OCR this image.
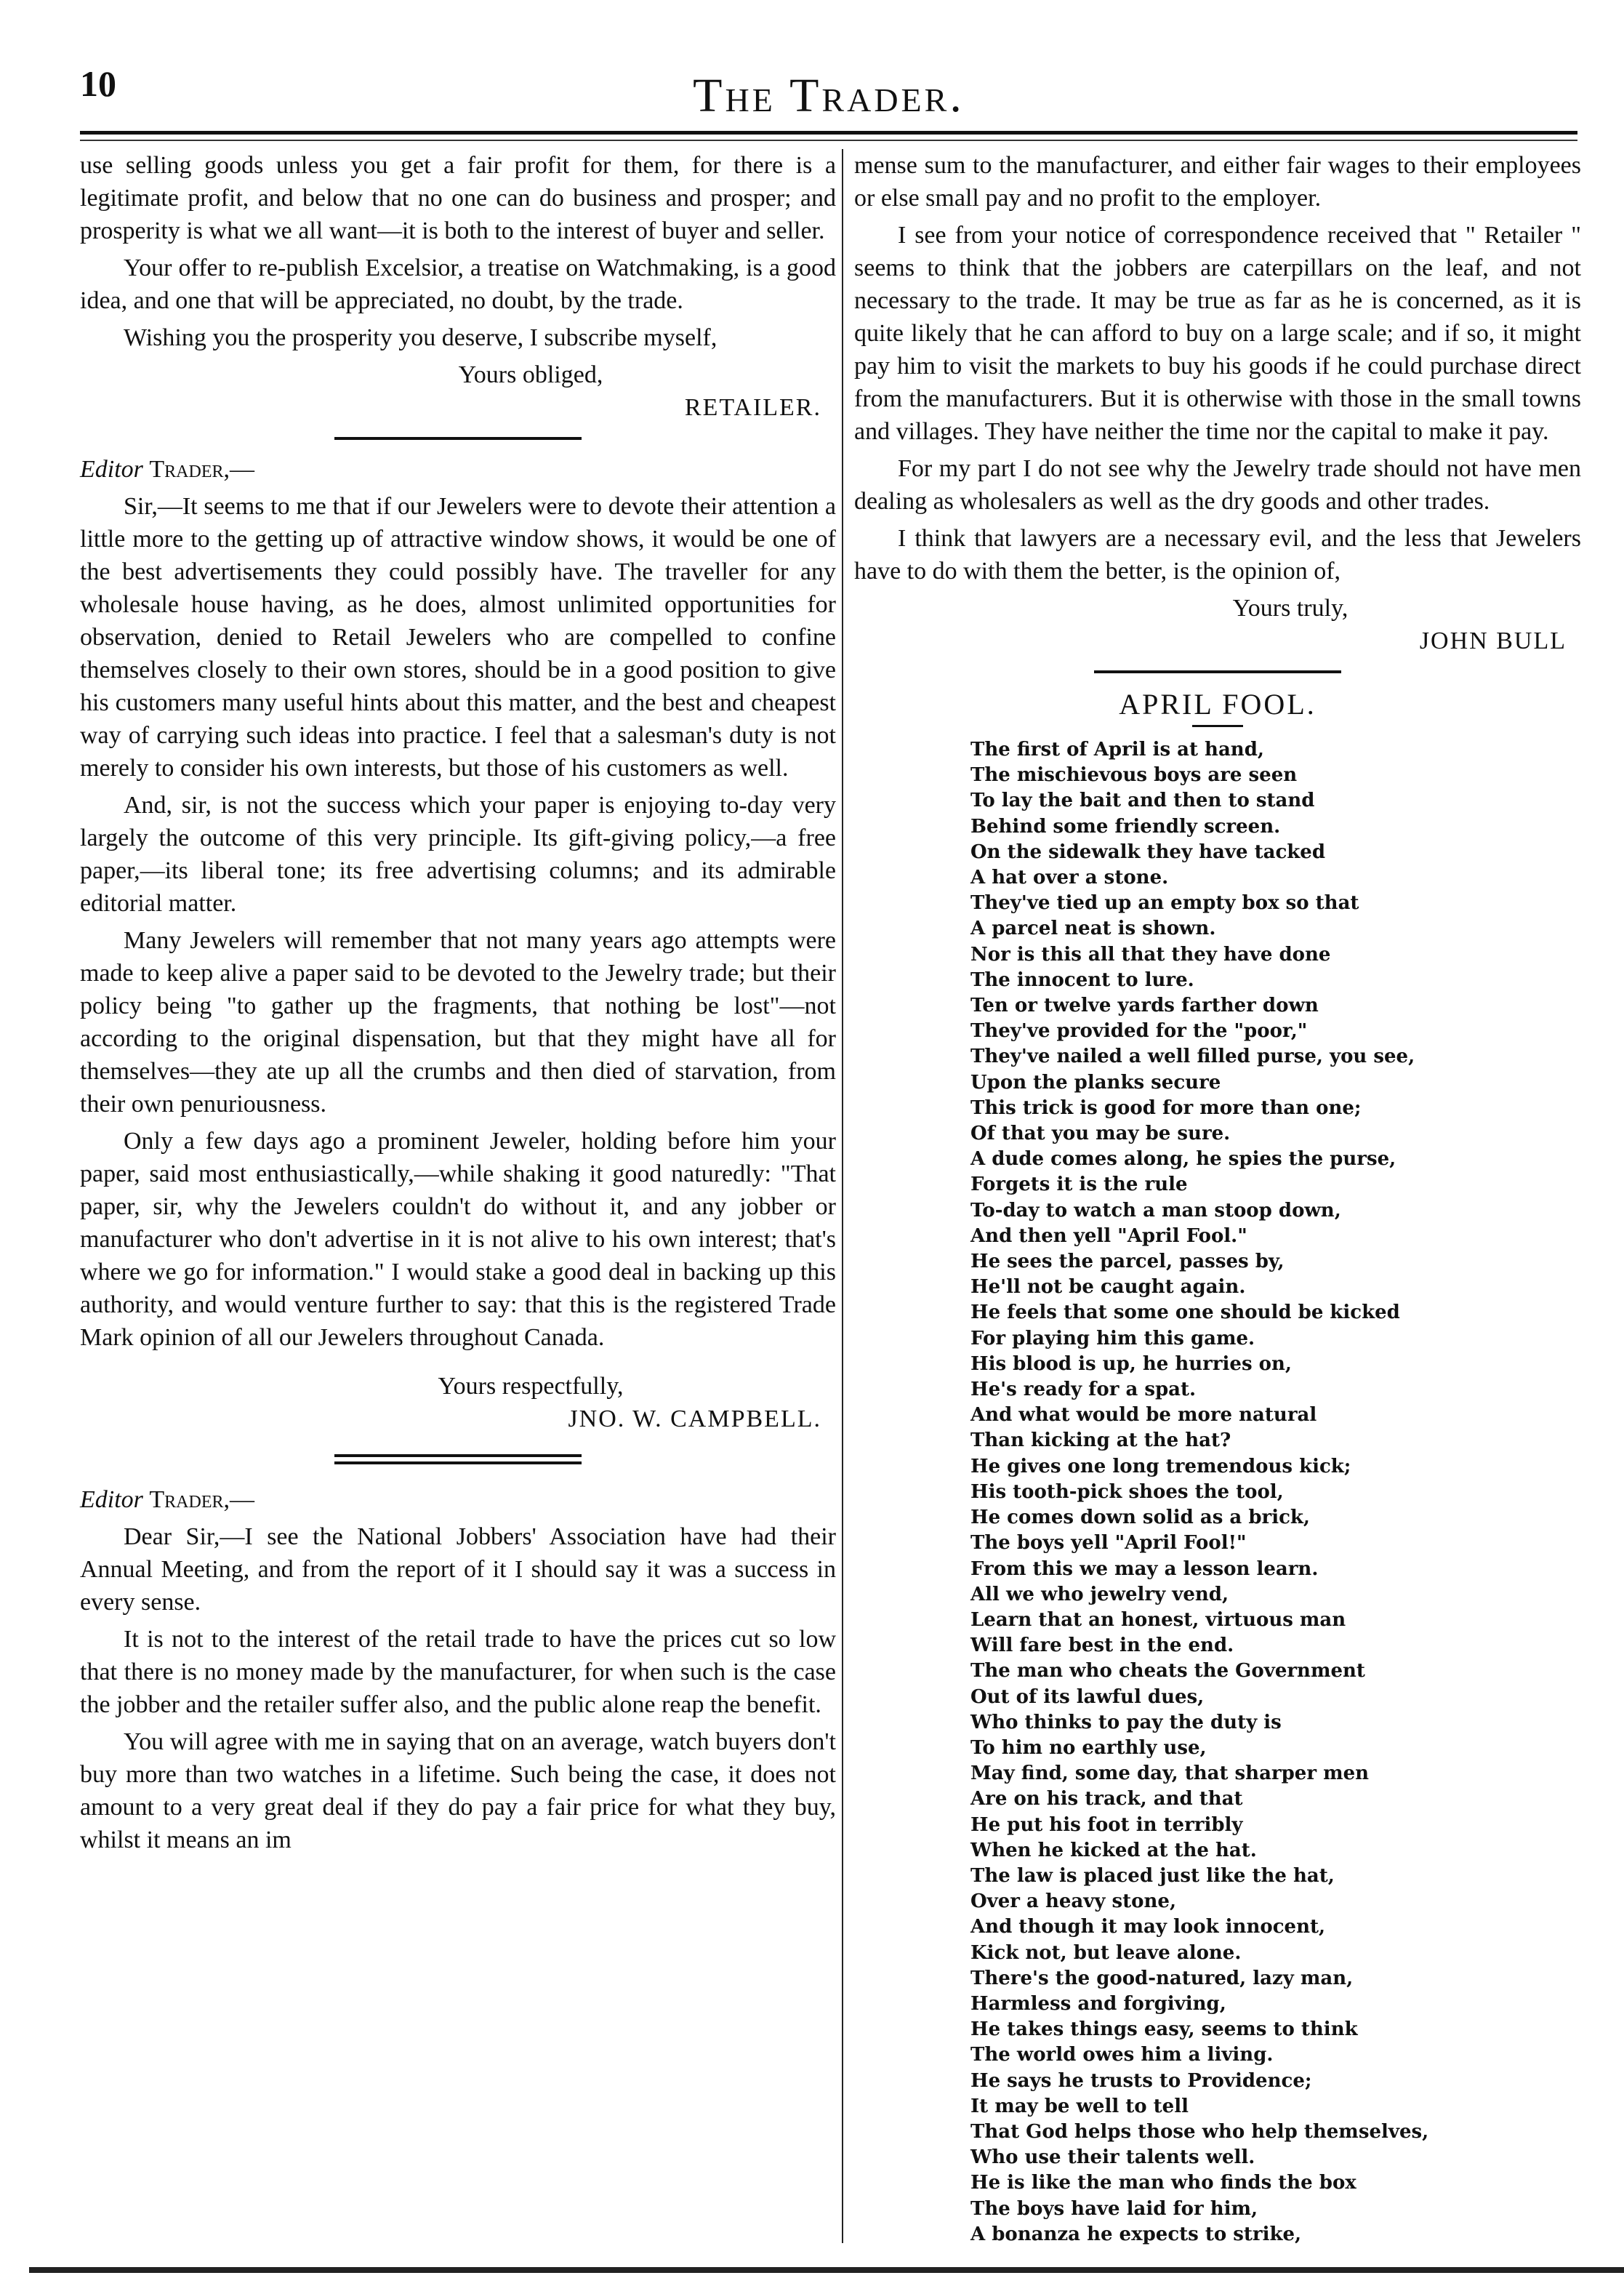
10	The Trader.

use selling goods unless you get a fair profit for them, for there is a legitimate profit, and below that no one can do business and prosper; and prosperity is what we all want—it is both to the interest of buyer and seller.

Your offer to re-publish Excelsior, a treatise on Watchmaking, is a good idea, and one that will be appreciated, no doubt, by the trade.

Wishing you the prosperity you deserve, I subscribe myself,

Yours obliged,

RETAILER.

Editor Trader,—

Sir,—It seems to me that if our Jewelers were to devote their attention a little more to the getting up of attractive window shows, it would be one of the best advertisements they could possibly have. The traveller for any wholesale house having, as he does, almost unlimited opportunities for observation, denied to Retail Jewelers who are compelled to confine themselves closely to their own stores, should be in a good position to give his customers many useful hints about this matter, and the best and cheapest way of carrying such ideas into practice. I feel that a salesman's duty is not merely to consider his own interests, but those of his customers as well.

And, sir, is not the success which your paper is enjoying to-day very largely the outcome of this very principle. Its gift-giving policy,—a free paper,—its liberal tone; its free advertising columns; and its admirable editorial matter.

Many Jewelers will remember that not many years ago attempts were made to keep alive a paper said to be devoted to the Jewelry trade; but their policy being "to gather up the fragments, that nothing be lost"—not according to the original dispensation, but that they might have all for themselves—they ate up all the crumbs and then died of starvation, from their own penuriousness.

Only a few days ago a prominent Jeweler, holding before him your paper, said most enthusiastically,—while shaking it good naturedly: "That paper, sir, why the Jewelers couldn't do without it, and any jobber or manufacturer who don't advertise in it is not alive to his own interest; that's where we go for information." I would stake a good deal in backing up this authority, and would venture further to say: that this is the registered Trade Mark opinion of all our Jewelers throughout Canada.

Yours respectfully,

JNO. W. CAMPBELL.

Editor Trader,—

Dear Sir,—I see the National Jobbers' Association have had their Annual Meeting, and from the report of it I should say it was a success in every sense.

It is not to the interest of the retail trade to have the prices cut so low that there is no money made by the manufacturer, for when such is the case the jobber and the retailer suffer also, and the public alone reap the benefit.

You will agree with me in saying that on an average, watch buyers don't buy more than two watches in a lifetime. Such being the case, it does not amount to a very great deal if they do pay a fair price for what they buy, whilst it means an im

mense sum to the manufacturer, and either fair wages to their employees or else small pay and no profit to the employer.

I see from your notice of correspondence received that " Retailer " seems to think that the jobbers are caterpillars on the leaf, and not necessary to the trade. It may be true as far as he is concerned, as it is quite likely that he can afford to buy on a large scale; and if so, it might pay him to visit the markets to buy his goods if he could purchase direct from the manufacturers. But it is otherwise with those in the small towns and villages. They have neither the time nor the capital to make it pay.

For my part I do not see why the Jewelry trade should not have men dealing as wholesalers as well as the dry goods and other trades.

I think that lawyers are a necessary evil, and the less that Jewelers have to do with them the better, is the opinion of,

Yours truly,

JOHN BULL

APRIL FOOL.
The first of April is at hand,
The mischievous boys are seen
To lay the bait and then to stand
Behind some friendly screen.
On the sidewalk they have tacked
A hat over a stone.
They've tied up an empty box so that
A parcel neat is shown.
Nor is this all that they have done
The innocent to lure.
Ten or twelve yards farther down
They've provided for the "poor,"
They've nailed a well filled purse, you see,
Upon the planks secure
This trick is good for more than one;
Of that you may be sure.
A dude comes along, he spies the purse,
Forgets it is the rule
To-day to watch a man stoop down,
And then yell "April Fool."
He sees the parcel, passes by,
He'll not be caught again.
He feels that some one should be kicked
For playing him this game.
His blood is up, he hurries on,
He's ready for a spat.
And what would be more natural
Than kicking at the hat?
He gives one long tremendous kick;
His tooth-pick shoes the tool,
He comes down solid as a brick,
The boys yell "April Fool!"
From this we may a lesson learn.
All we who jewelry vend,
Learn that an honest, virtuous man
Will fare best in the end.
The man who cheats the Government
Out of its lawful dues,
Who thinks to pay the duty is
To him no earthly use,
May find, some day, that sharper men
Are on his track, and that
He put his foot in terribly
When he kicked at the hat.
The law is placed just like the hat,
Over a heavy stone,
And though it may look innocent,
Kick not, but leave alone.
There's the good-natured, lazy man,
Harmless and forgiving,
He takes things easy, seems to think
The world owes him a living.
He says he trusts to Providence;
It may be well to tell
That God helps those who help themselves,
Who use their talents well.
He is like the man who finds the box
The boys have laid for him,
A bonanza he expects to strike,
